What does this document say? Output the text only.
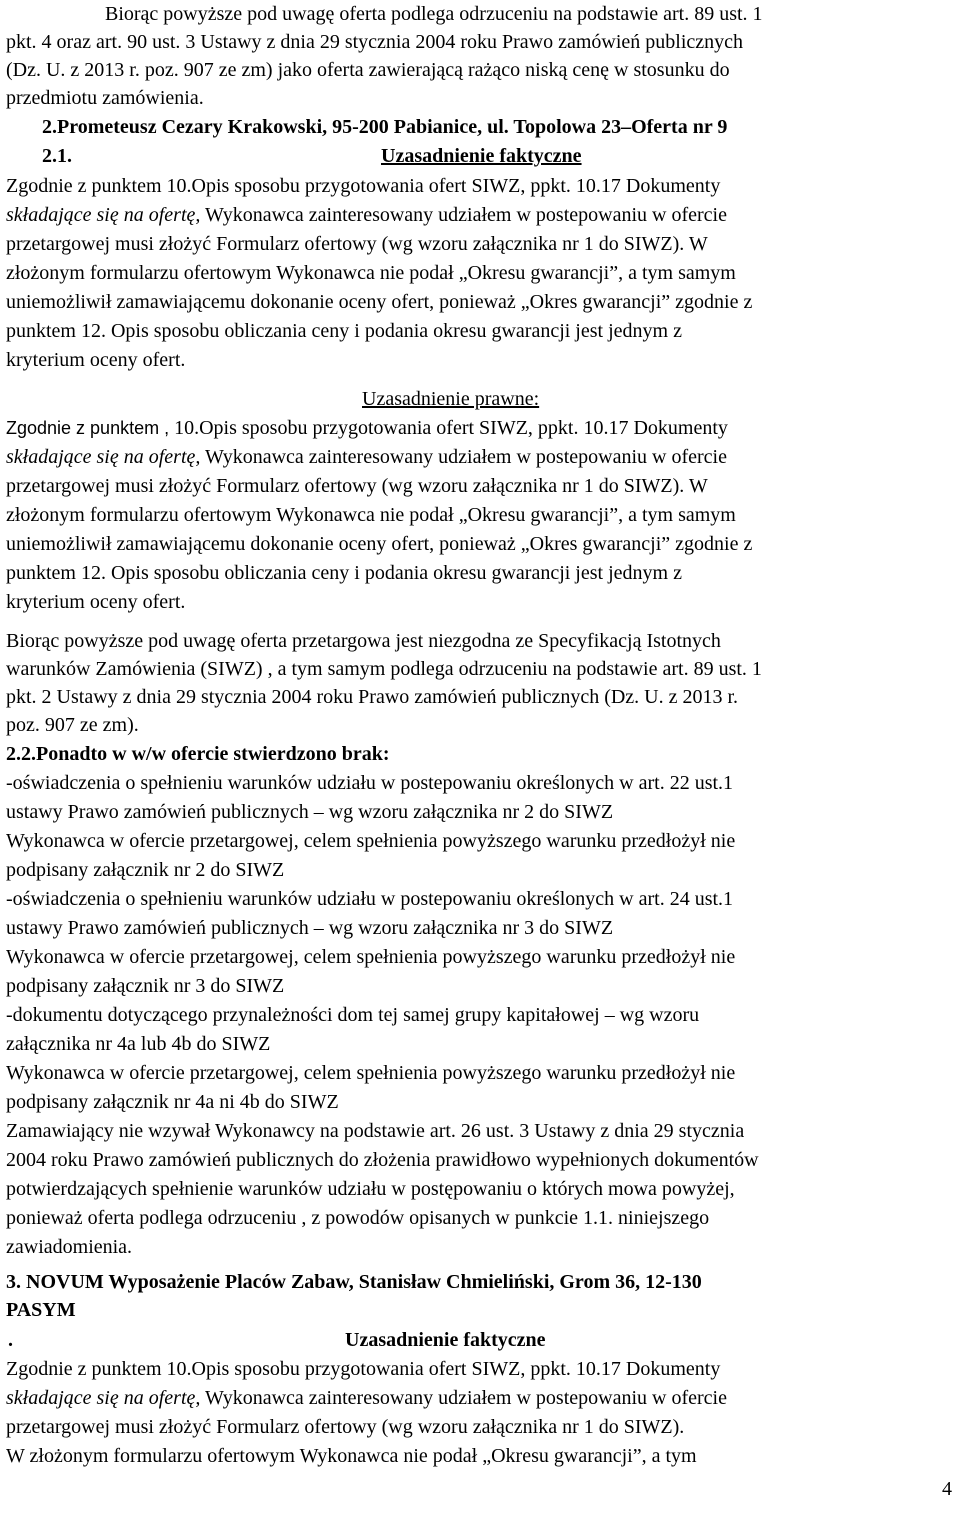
Biorąc powyższe pod uwagę oferta podlega odrzuceniu na podstawie art. 89 ust. 1
pkt. 4 oraz art. 90 ust. 3 Ustawy z dnia 29 stycznia 2004 roku Prawo zamówień publicznych
(Dz. U. z 2013 r. poz. 907 ze zm) jako oferta zawierającą rażąco niską cenę w stosunku do
przedmiotu zamówienia.
2.Prometeusz Cezary Krakowski, 95-200 Pabianice, ul. Topolowa 23–Oferta nr 9
2.1.	Uzasadnienie faktyczne
Zgodnie z punktem 10.Opis sposobu przygotowania ofert SIWZ, ppkt. 10.17 Dokumenty
składające się na ofertę, Wykonawca zainteresowany udziałem w postepowaniu w ofercie
przetargowej musi złożyć Formularz ofertowy (wg wzoru załącznika nr 1 do SIWZ). W
złożonym formularzu ofertowym Wykonawca nie podał „Okresu gwarancji”, a tym samym
uniemożliwił zamawiającemu dokonanie oceny ofert, ponieważ „Okres gwarancji” zgodnie z
punktem 12. Opis sposobu obliczania ceny i podania okresu gwarancji jest jednym z
kryterium oceny ofert.
Uzasadnienie prawne:
Zgodnie z punktem , 10.Opis sposobu przygotowania ofert SIWZ, ppkt. 10.17 Dokumenty
składające się na ofertę, Wykonawca zainteresowany udziałem w postepowaniu w ofercie
przetargowej musi złożyć Formularz ofertowy (wg wzoru załącznika nr 1 do SIWZ). W
złożonym formularzu ofertowym Wykonawca nie podał „Okresu gwarancji”, a tym samym
uniemożliwił zamawiającemu dokonanie oceny ofert, ponieważ „Okres gwarancji” zgodnie z
punktem 12. Opis sposobu obliczania ceny i podania okresu gwarancji jest jednym z
kryterium oceny ofert.
Biorąc powyższe pod uwagę oferta przetargowa jest niezgodna ze Specyfikacją Istotnych
warunków Zamówienia (SIWZ) , a tym samym podlega odrzuceniu na podstawie art. 89 ust. 1
pkt. 2 Ustawy z dnia 29 stycznia 2004 roku Prawo zamówień publicznych (Dz. U. z 2013 r.
poz. 907 ze zm).
2.2.Ponadto w w/w ofercie stwierdzono brak:
-oświadczenia o spełnieniu warunków udziału w postepowaniu określonych w art. 22 ust.1
ustawy Prawo zamówień publicznych – wg wzoru załącznika nr 2 do SIWZ
Wykonawca w ofercie przetargowej, celem spełnienia powyższego warunku przedłożył nie
podpisany załącznik nr 2 do SIWZ
-oświadczenia o spełnieniu warunków udziału w postepowaniu określonych w art. 24 ust.1
ustawy Prawo zamówień publicznych – wg wzoru załącznika nr 3 do SIWZ
Wykonawca w ofercie przetargowej, celem spełnienia powyższego warunku przedłożył nie
podpisany załącznik nr 3 do SIWZ
-dokumentu dotyczącego przynależności dom tej samej grupy kapitałowej – wg wzoru
załącznika nr 4a lub 4b do SIWZ
Wykonawca w ofercie przetargowej, celem spełnienia powyższego warunku przedłożył nie
podpisany załącznik nr 4a ni 4b do SIWZ
Zamawiający nie wzywał Wykonawcy na podstawie art. 26 ust. 3 Ustawy z dnia 29 stycznia
2004 roku Prawo zamówień publicznych do złożenia prawidłowo wypełnionych dokumentów
potwierdzających spełnienie warunków udziału w postępowaniu o których mowa powyżej,
ponieważ oferta podlega odrzuceniu , z powodów opisanych w punkcie 1.1. niniejszego
zawiadomienia.
3. NOVUM Wyposażenie Placów Zabaw, Stanisław Chmieliński, Grom 36, 12-130
PASYM
.	Uzasadnienie faktyczne
Zgodnie z punktem 10.Opis sposobu przygotowania ofert SIWZ, ppkt. 10.17 Dokumenty
składające się na ofertę, Wykonawca zainteresowany udziałem w postepowaniu w ofercie
przetargowej musi złożyć Formularz ofertowy (wg wzoru załącznika nr 1 do SIWZ).
W złożonym formularzu ofertowym Wykonawca nie podał „Okresu gwarancji”, a tym
4
